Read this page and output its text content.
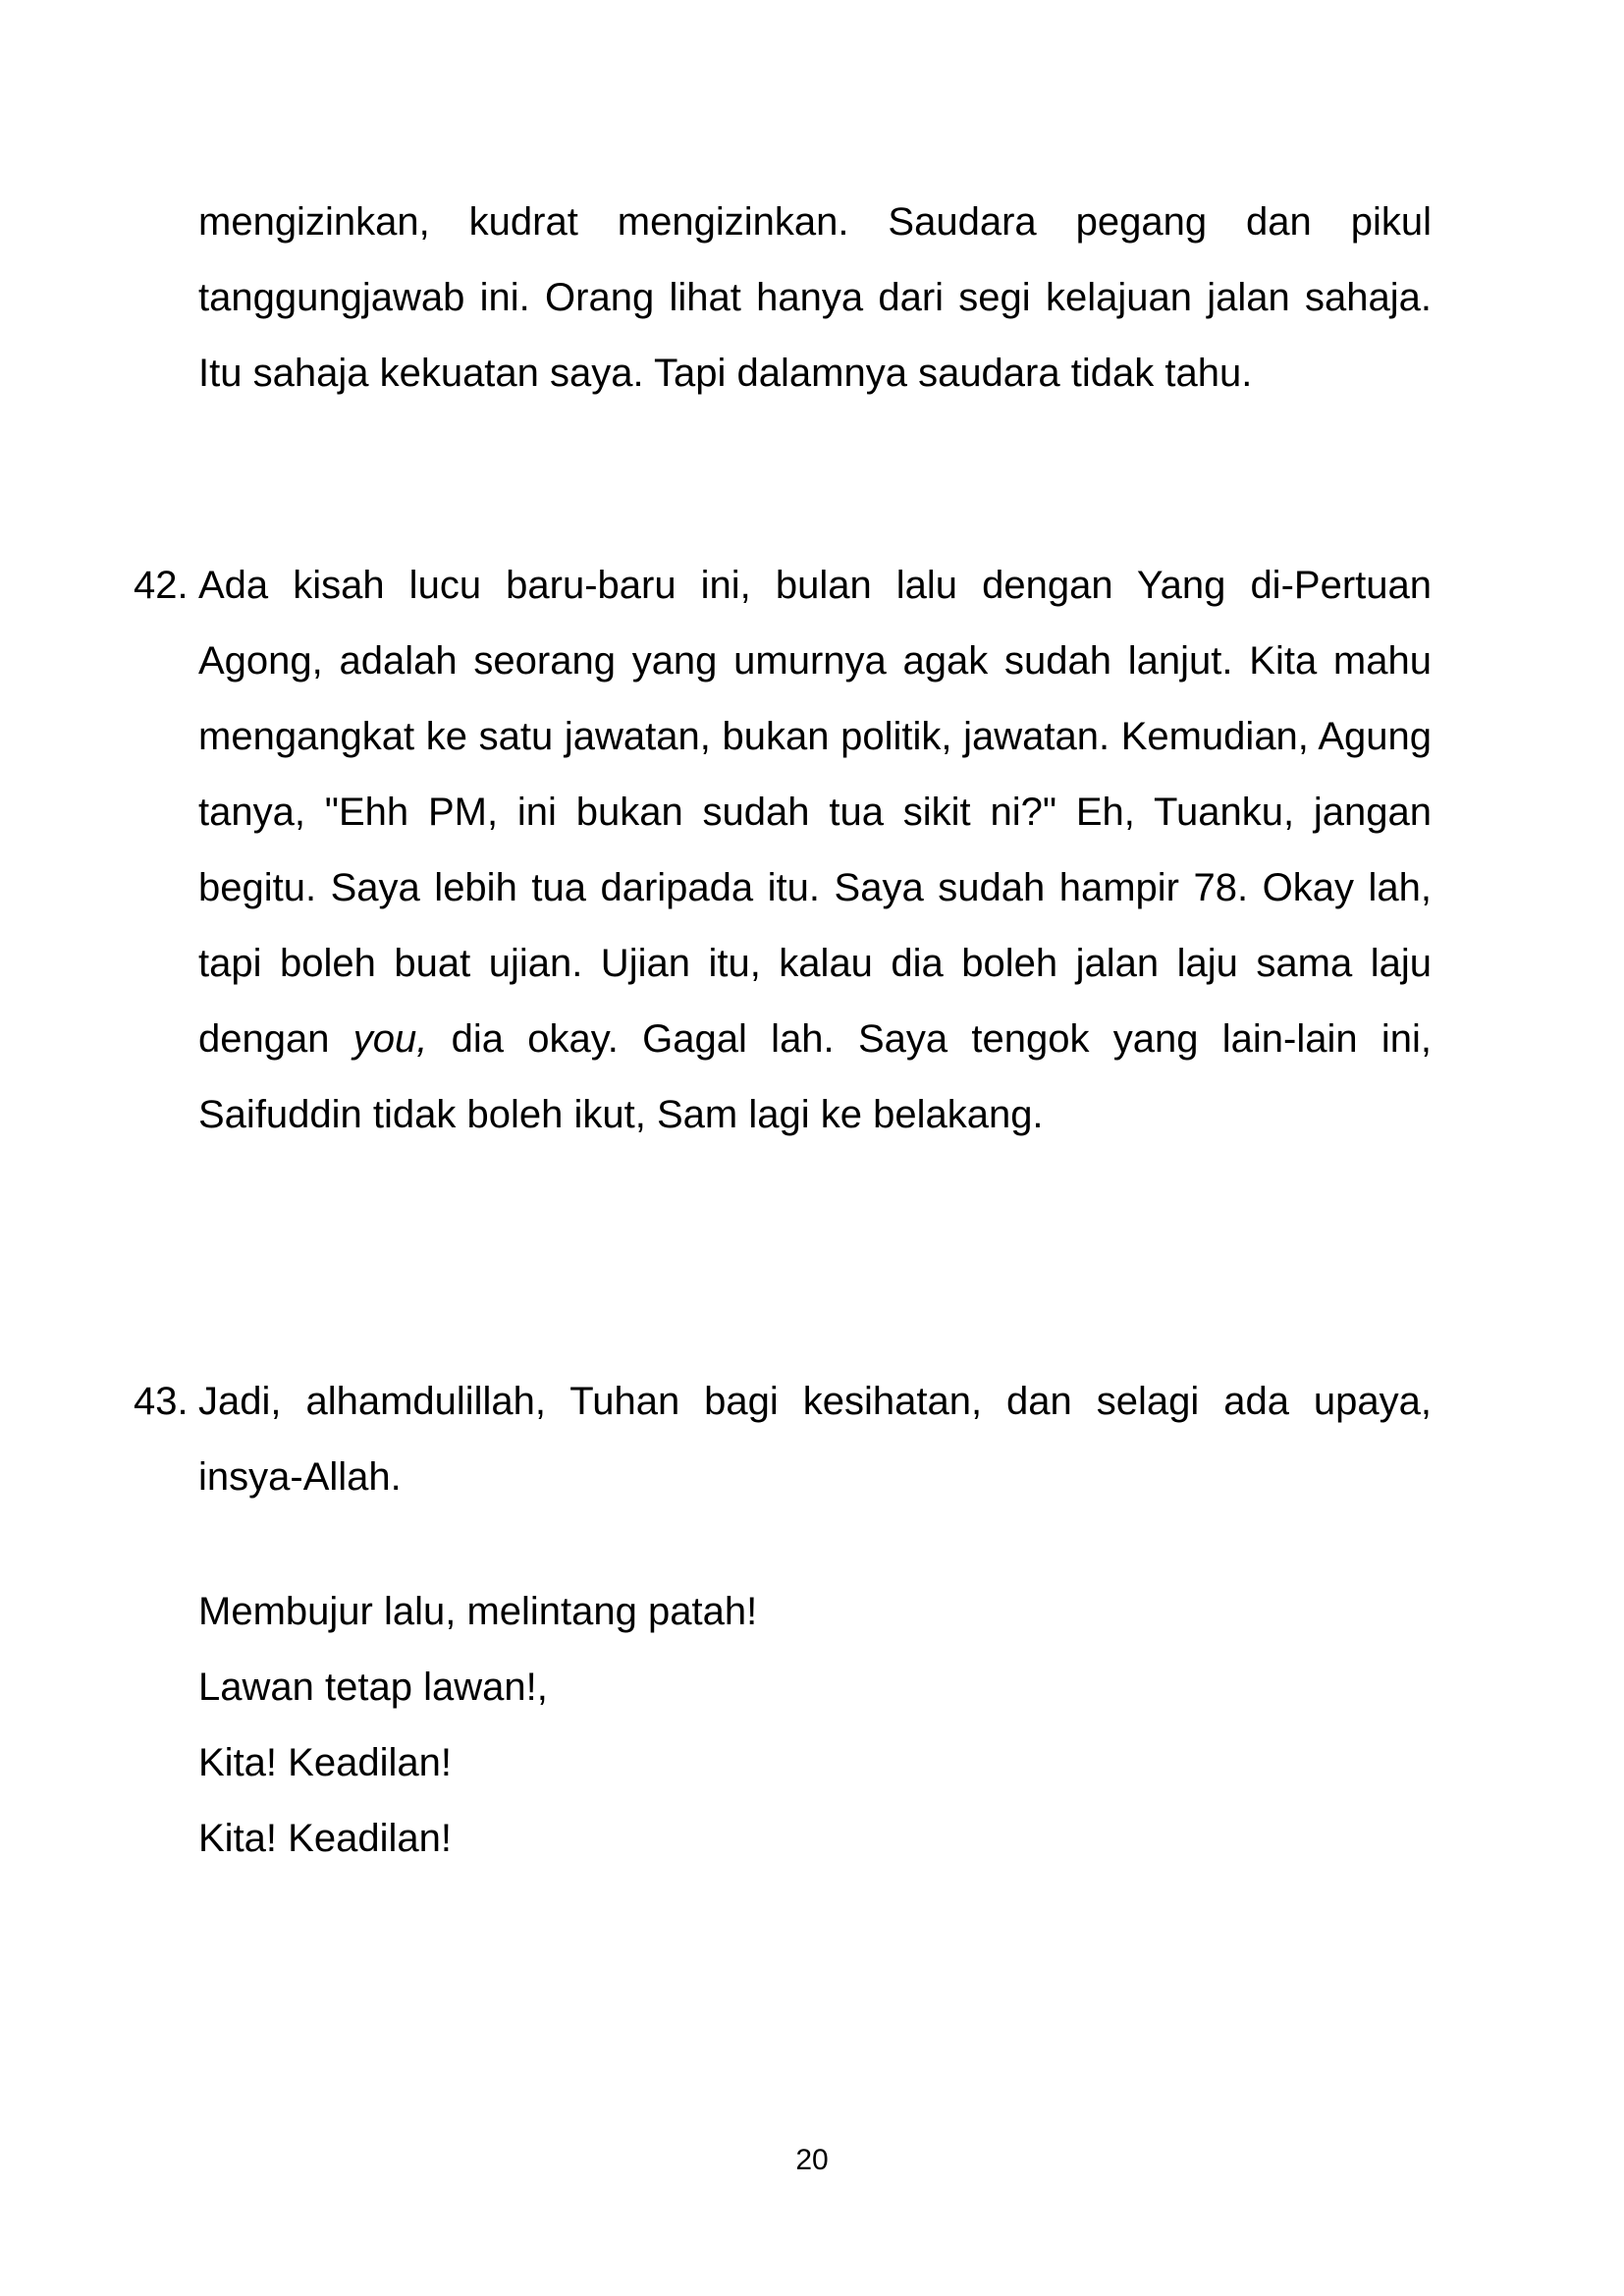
mengizinkan, kudrat mengizinkan. Saudara pegang dan pikul tanggungjawab ini. Orang lihat hanya dari segi kelajuan jalan sahaja. Itu sahaja kekuatan saya. Tapi dalamnya saudara tidak tahu.

42. Ada kisah lucu baru-baru ini, bulan lalu dengan Yang di-Pertuan Agong, adalah seorang yang umurnya agak sudah lanjut. Kita mahu mengangkat ke satu jawatan, bukan politik, jawatan. Kemudian, Agung tanya, "Ehh PM, ini bukan sudah tua sikit ni?" Eh, Tuanku, jangan begitu. Saya lebih tua daripada itu. Saya sudah hampir 78. Okay lah, tapi boleh buat ujian. Ujian itu, kalau dia boleh jalan laju sama laju dengan you, dia okay. Gagal lah. Saya tengok yang lain-lain ini, Saifuddin tidak boleh ikut, Sam lagi ke belakang.
43. Jadi, alhamdulillah, Tuhan bagi kesihatan, dan selagi ada upaya, insya-Allah.
Membujur lalu, melintang patah!
Lawan tetap lawan!,
Kita! Keadilan!
Kita! Keadilan!
20
